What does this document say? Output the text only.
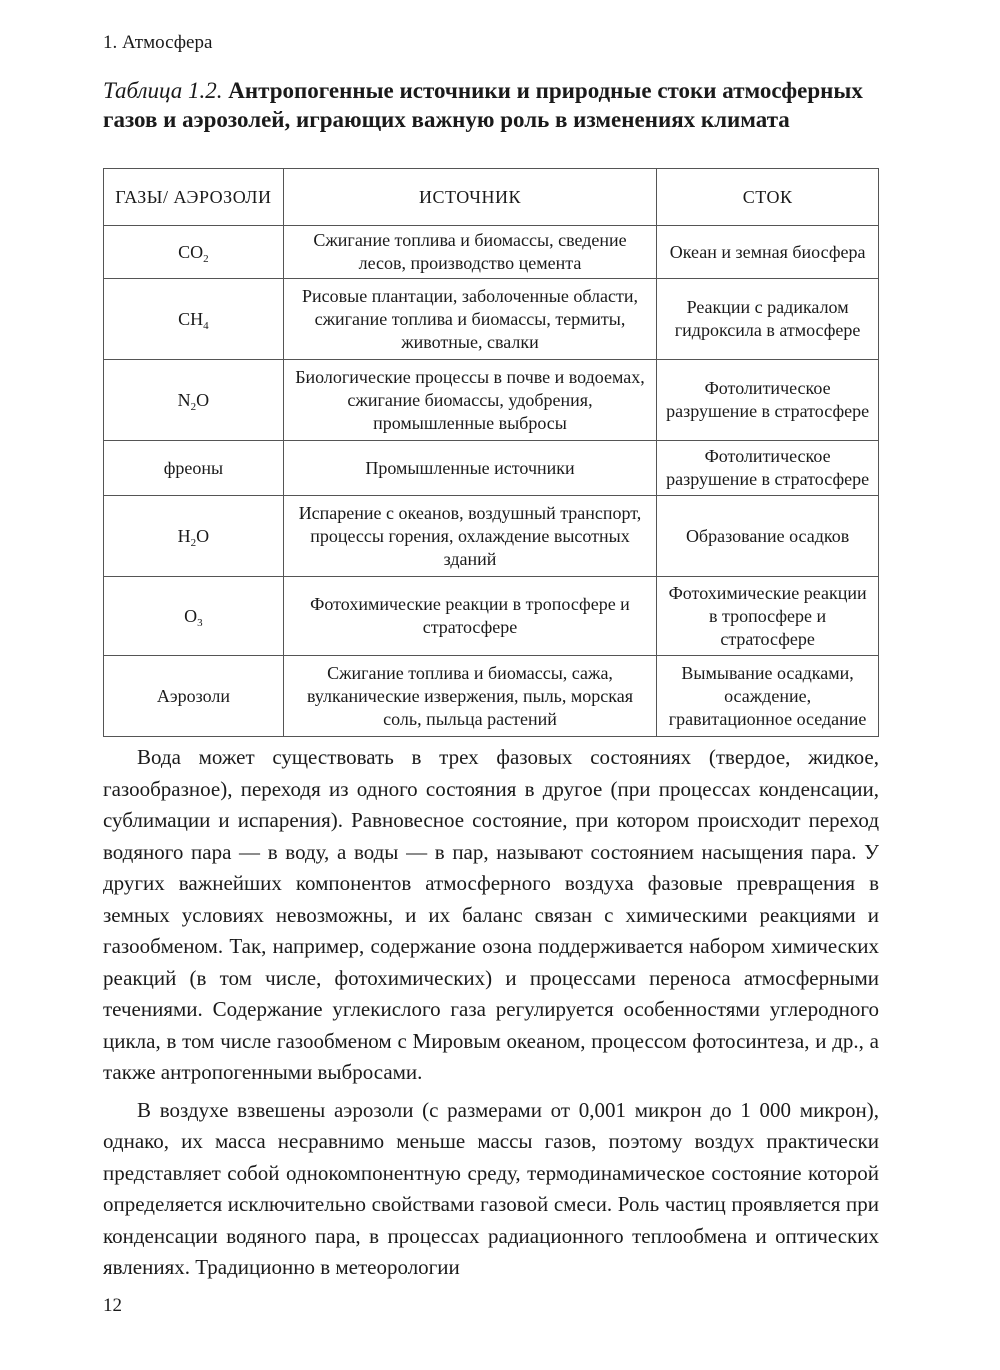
1. Атмосфера
Таблица 1.2. Антропогенные источники и природные стоки атмосферных газов и аэрозолей, играющих важную роль в изменениях климата
ГАЗЫ/ АЭРОЗОЛИ	ИСТОЧНИК	СТОК
$CO_2$	Сжигание топлива и биомассы, сведение лесов, производство цемента	Океан и земная биосфера
$CH_4$	Рисовые плантации, заболоченные области, сжигание топлива и биомассы, термиты, животные, свалки	Реакции с радикалом гидроксила в атмосфере
$N_2O$	Биологические процессы в почве и водоемах, сжигание биомассы, удобрения, промышленные выбросы	Фотолитическое разрушение в стратосфере
фреоны	Промышленные источники	Фотолитическое разрушение в стратосфере
$H_2O$	Испарение с океанов, воздушный транспорт, процессы горения, охлаждение высотных зданий	Образование осадков
$O_3$	Фотохимические реакции в тропосфере и стратосфере	Фотохимические реакции в тропосфере и стратосфере
Аэрозоли	Сжигание топлива и биомассы, сажа, вулканические извержения, пыль, морская соль, пыльца растений	Вымывание осадками, осаждение, гравитационное оседание

Вода может существовать в трех фазовых состояниях (твердое, жидкое, газообразное), переходя из одного состояния в другое (при процессах конденсации, сублимации и испарения). Равновесное состояние, при котором происходит переход водяного пара — в воду, а воды — в пар, называют состоянием насыщения пара. У других важнейших компонентов атмосферного воздуха фазовые превращения в земных условиях невозможны, и их баланс связан с химическими реакциями и газообменом. Так, например, содержание озона поддерживается набором химических реакций (в том числе, фотохимических) и процессами переноса атмосферными течениями. Содержание углекислого газа регулируется особенностями углеродного цикла, в том числе газообменом с Мировым океаном, процессом фотосинтеза, и др., а также антропогенными выбросами.

В воздухе взвешены аэрозоли (с размерами от 0,001 микрон до 1 000 микрон), однако, их масса несравнимо меньше массы газов, поэтому воздух практически представляет собой однокомпонентную среду, термодинамическое состояние которой определяется исключительно свойствами газовой смеси. Роль частиц проявляется при конденсации водяного пара, в процессах радиационного теплообмена и оптических явлениях. Традиционно в метеорологии

12
